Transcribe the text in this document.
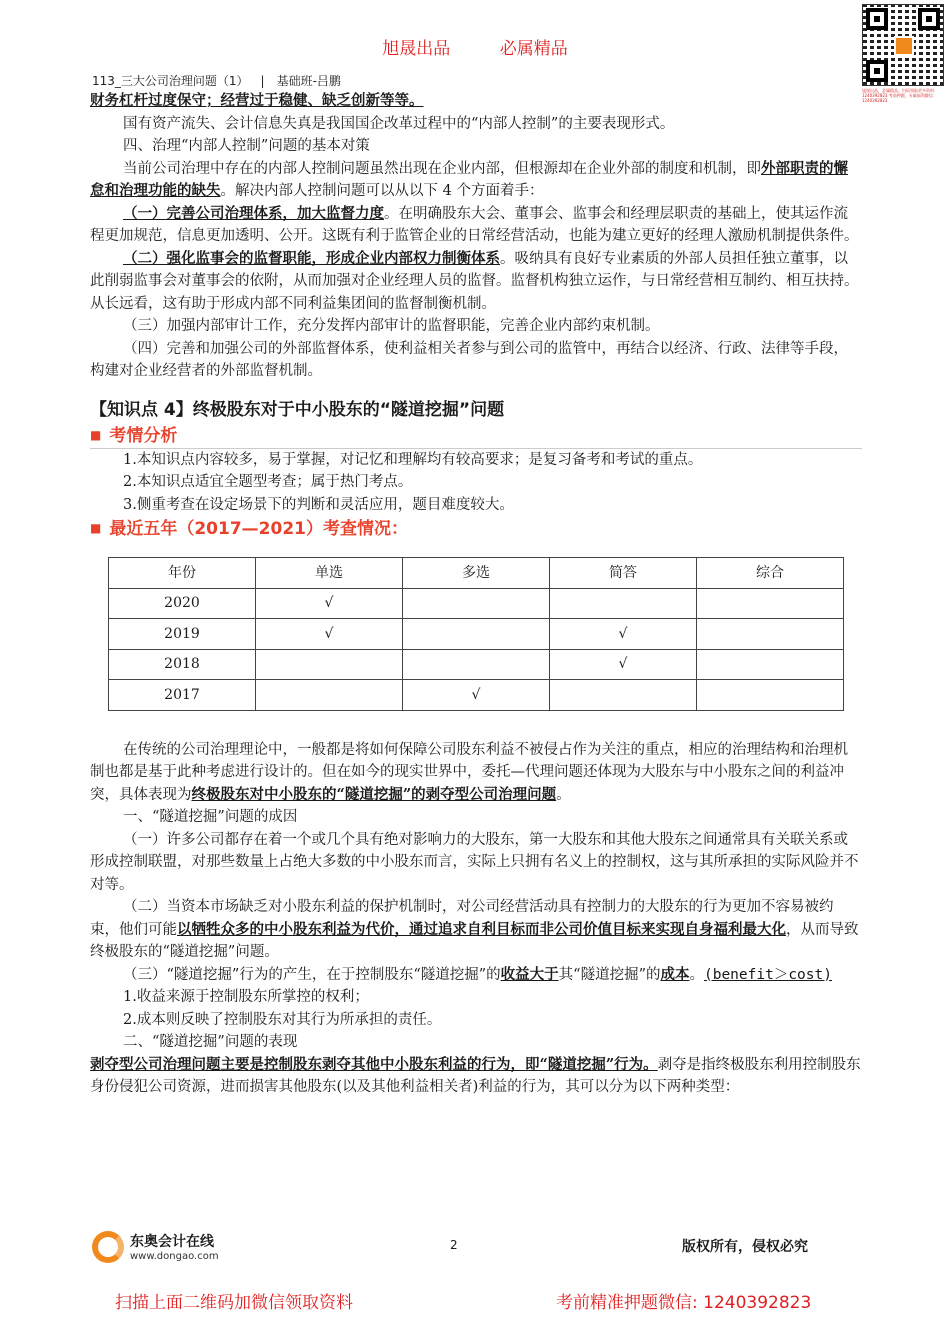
旭晟出品	必属精品
旭晟出品，必属精品。扫码领取更多资料：1240392823 考前押题，专属福利微信：1240392823
113_三大公司治理问题（1） | 基础班-吕鹏
财务杠杆过度保守；经营过于稳健、缺乏创新等等。
国有资产流失、会计信息失真是我国国企改革过程中的“内部人控制”的主要表现形式。
四、治理“内部人控制”问题的基本对策
当前公司治理中存在的内部人控制问题虽然出现在企业内部，但根源却在企业外部的制度和机制，即外部职责的懈怠和治理功能的缺失。解决内部人控制问题可以从以下 4 个方面着手：
（一）完善公司治理体系，加大监督力度。在明确股东大会、董事会、监事会和经理层职责的基础上，使其运作流程更加规范，信息更加透明、公开。这既有利于监管企业的日常经营活动，也能为建立更好的经理人激励机制提供条件。
（二）强化监事会的监督职能，形成企业内部权力制衡体系。吸纳具有良好专业素质的外部人员担任独立董事，以此削弱监事会对董事会的依附，从而加强对企业经理人员的监督。监督机构独立运作，与日常经营相互制约、相互扶持。从长远看，这有助于形成内部不同利益集团间的监督制衡机制。
（三）加强内部审计工作，充分发挥内部审计的监督职能，完善企业内部约束机制。
（四）完善和加强公司的外部监督体系，使利益相关者参与到公司的监管中，再结合以经济、行政、法律等手段，构建对企业经营者的外部监督机制。
【知识点 4】终极股东对于中小股东的“隧道挖掘”问题
■ 考情分析
1.本知识点内容较多，易于掌握，对记忆和理解均有较高要求；是复习备考和考试的重点。
2.本知识点适宜全题型考查；属于热门考点。
3.侧重考查在设定场景下的判断和灵活应用，题目难度较大。
■ 最近五年（2017—2021）考查情况：
年份	单选	多选	简答	综合
2020	√			
2019	√		√	
2018			√	
2017		√		
在传统的公司治理理论中，一般都是将如何保障公司股东利益不被侵占作为关注的重点，相应的治理结构和治理机制也都是基于此种考虑进行设计的。但在如今的现实世界中，委托—代理问题还体现为大股东与中小股东之间的利益冲突，具体表现为终极股东对中小股东的“隧道挖掘”的剥夺型公司治理问题。
一、“隧道挖掘”问题的成因
（一）许多公司都存在着一个或几个具有绝对影响力的大股东，第一大股东和其他大股东之间通常具有关联关系或形成控制联盟，对那些数量上占绝大多数的中小股东而言，实际上只拥有名义上的控制权，这与其所承担的实际风险并不对等。
（二）当资本市场缺乏对小股东利益的保护机制时，对公司经营活动具有控制力的大股东的行为更加不容易被约束，他们可能以牺牲众多的中小股东利益为代价，通过追求自利目标而非公司价值目标来实现自身福利最大化，从而导致终极股东的“隧道挖掘”问题。
（三）“隧道挖掘”行为的产生，在于控制股东“隧道挖掘”的收益大于其“隧道挖掘”的成本。(benefit＞cost)
1.收益来源于控制股东所掌控的权利；
2.成本则反映了控制股东对其行为所承担的责任。
二、“隧道挖掘”问题的表现
剥夺型公司治理问题主要是控制股东剥夺其他中小股东利益的行为，即“隧道挖掘”行为。剥夺是指终极股东利用控制股东身份侵犯公司资源，进而损害其他股东(以及其他利益相关者)利益的行为，其可以分为以下两种类型：
东奥会计在线
www.dongao.com
2	版权所有，侵权必究
扫描上面二维码加微信领取资料	考前精准押题微信: 1240392823
